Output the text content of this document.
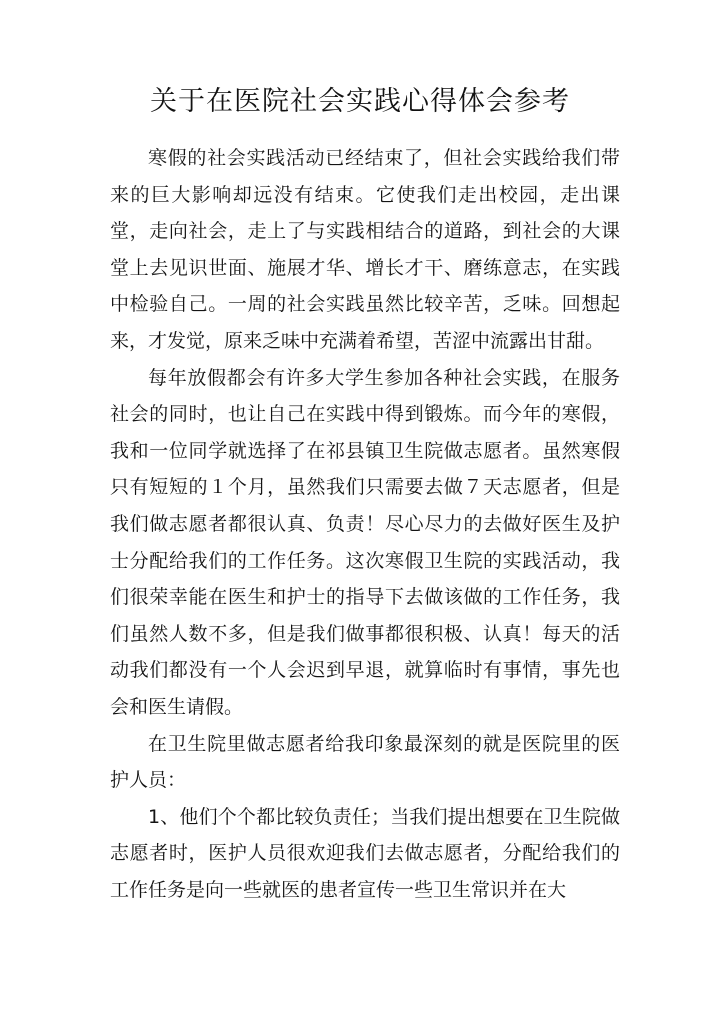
关于在医院社会实践心得体会参考

寒假的社会实践活动已经结束了，但社会实践给我们带来的巨大影响却远没有结束。它使我们走出校园，走出课堂，走向社会，走上了与实践相结合的道路，到社会的大课堂上去见识世面、施展才华、增长才干、磨练意志，在实践中检验自己。一周的社会实践虽然比较辛苦，乏味。回想起来，才发觉，原来乏味中充满着希望，苦涩中流露出甘甜。

每年放假都会有许多大学生参加各种社会实践，在服务社会的同时，也让自己在实践中得到锻炼。而今年的寒假，我和一位同学就选择了在祁县镇卫生院做志愿者。虽然寒假只有短短的１个月，虽然我们只需要去做７天志愿者，但是我们做志愿者都很认真、负责！尽心尽力的去做好医生及护士分配给我们的工作任务。这次寒假卫生院的实践活动，我们很荣幸能在医生和护士的指导下去做该做的工作任务，我们虽然人数不多，但是我们做事都很积极、认真！每天的活动我们都没有一个人会迟到早退，就算临时有事情，事先也会和医生请假。

在卫生院里做志愿者给我印象最深刻的就是医院里的医护人员：

1、他们个个都比较负责任；当我们提出想要在卫生院做志愿者时，医护人员很欢迎我们去做志愿者，分配给我们的工作任务是向一些就医的患者宣传一些卫生常识并在大
